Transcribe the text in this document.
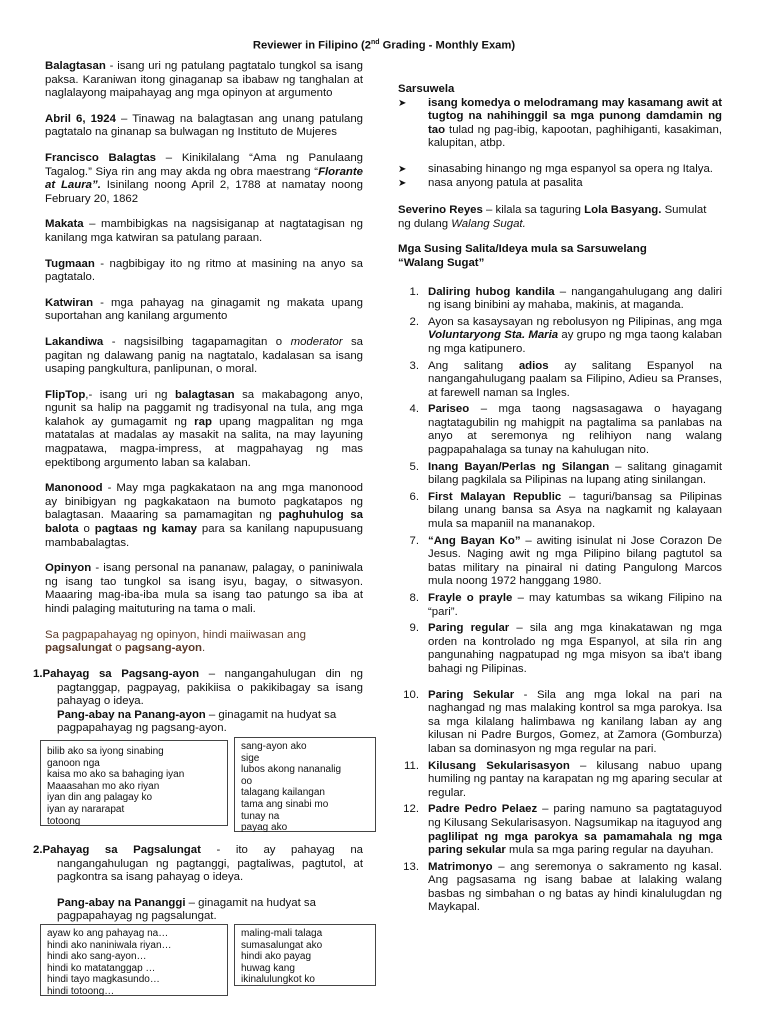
Reviewer in Filipino (2nd Grading - Monthly Exam)

Balagtasan - isang uri ng patulang pagtatalo tungkol sa isang paksa. Karaniwan itong ginaganap sa ibabaw ng tanghalan at naglalayong maipahayag ang mga opinyon at argumento

Abril 6, 1924 – Tinawag na balagtasan ang unang patulang pagtatalo na ginanap sa bulwagan ng Instituto de Mujeres

Francisco Balagtas – Kinikilalang “Ama ng Panulaang Tagalog.” Siya rin ang may akda ng obra maestrang “Florante at Laura”. Isinilang noong April 2, 1788 at namatay noong February 20, 1862

Makata – mambibigkas na nagsisiganap at nagtatagisan ng kanilang mga katwiran sa patulang paraan.

Tugmaan - nagbibigay ito ng ritmo at masining na anyo sa pagtatalo.

Katwiran - mga pahayag na ginagamit ng makata upang suportahan ang kanilang argumento

Lakandiwa - nagsisilbing tagapamagitan o moderator sa pagitan ng dalawang panig na nagtatalo, kadalasan sa isang usaping pangkultura, panlipunan, o moral.

FlipTop,- isang uri ng balagtasan sa makabagong anyo, ngunit sa halip na paggamit ng tradisyonal na tula, ang mga kalahok ay gumagamit ng rap upang magpalitan ng mga matatalas at madalas ay masakit na salita, na may layuning magpatawa, magpa-impress, at magpahayag ng mas epektibong argumento laban sa kalaban.

Manonood - May mga pagkakataon na ang mga manonood ay binibigyan ng pagkakataon na bumoto pagkatapos ng balagtasan. Maaaring sa pamamagitan ng paghuhulog sa balota o pagtaas ng kamay para sa kanilang napupusuang mambabalagtas.

Opinyon - isang personal na pananaw, palagay, o paniniwala ng isang tao tungkol sa isang isyu, bagay, o sitwasyon. Maaaring mag-iba-iba mula sa isang tao patungo sa iba at hindi palaging maituturing na tama o mali.

Sa pagpapahayag ng opinyon, hindi maiiwasan ang pagsalungat o pagsang-ayon.

1.Pahayag sa Pagsang-ayon – nangangahulugan din ng pagtanggap, pagpayag, pakikiisa o pakikibagay sa isang pahayag o ideya.

Pang-abay na Panang-ayon – ginagamit na hudyat sa pagpapahayag ng pagsang-ayon.

bilib ako sa iyong sinabing
ganoon nga
kaisa mo ako sa bahaging iyan
Maaasahan mo ako riyan
iyan din ang palagay ko
iyan ay nararapat
totoong
sang-ayon ako
sige
lubos akong nananalig
oo
talagang kailangan
tama ang sinabi mo
tunay na
payag ako

2.Pahayag sa Pagsalungat - ito ay pahayag na nangangahulugan ng pagtanggi, pagtaliwas, pagtutol, at pagkontra sa isang pahayag o ideya.

Pang-abay na Pananggi – ginagamit na hudyat sa pagpapahayag ng pagsalungat.

ayaw ko ang pahayag na…
hindi ako naniniwala riyan…
hindi ako sang-ayon…
hindi ko matatanggap …
hindi tayo magkasundo…
hindi totoong…
maling-mali talaga
sumasalungat ako
hindi ako payag
huwag kang
ikinalulungkot ko

Sarsuwela

➤ isang komedya o melodramang may kasamang awit at tugtog na nahihinggil sa mga punong damdamin ng tao tulad ng pag-ibig, kapootan, paghihiganti, kasakiman, kalupitan, atbp.
➤ sinasabing hinango ng mga espanyol sa opera ng Italya.
➤ nasa anyong patula at pasalita

Severino Reyes – kilala sa taguring Lola Basyang. Sumulat ng dulang Walang Sugat.

Mga Susing Salita/Ideya mula sa Sarsuwelang
“Walang Sugat”

1. Daliring hubog kandila – nangangahulugang ang daliri ng isang binibini ay mahaba, makinis, at maganda.
2. Ayon sa kasaysayan ng rebolusyon ng Pilipinas, ang mga Voluntaryong Sta. Maria ay grupo ng mga taong kalaban ng mga katipunero.
3. Ang salitang adios ay salitang Espanyol na nangangahulugang paalam sa Filipino, Adieu sa Pranses, at farewell naman sa Ingles.
4. Pariseo – mga taong nagsasagawa o hayagang nagtatagubilin ng mahigpit na pagtalima sa panlabas na anyo at seremonya ng relihiyon nang walang pagpapahalaga sa tunay na kahulugan nito.
5. Inang Bayan/Perlas ng Silangan – salitang ginagamit bilang pagkilala sa Pilipinas na lupang ating sinilangan.
6. First Malayan Republic – taguri/bansag sa Pilipinas bilang unang bansa sa Asya na nagkamit ng kalayaan mula sa mapaniil na mananakop.
7. “Ang Bayan Ko” – awiting isinulat ni Jose Corazon De Jesus. Naging awit ng mga Pilipino bilang pagtutol sa batas military na pinairal ni dating Pangulong Marcos mula noong 1972 hanggang 1980.
8. Frayle o prayle – may katumbas sa wikang Filipino na “pari”.
9. Paring regular – sila ang mga kinakatawan ng mga orden na kontrolado ng mga Espanyol, at sila rin ang pangunahing nagpatupad ng mga misyon sa iba't ibang bahagi ng Pilipinas.
10. Paring Sekular - Sila ang mga lokal na pari na naghangad ng mas malaking kontrol sa mga parokya. Isa sa mga kilalang halimbawa ng kanilang laban ay ang kilusan ni Padre Burgos, Gomez, at Zamora (Gomburza) laban sa dominasyon ng mga regular na pari.
11. Kilusang Sekularisasyon – kilusang nabuo upang humiling ng pantay na karapatan ng mg aparing secular at regular.
12. Padre Pedro Pelaez – paring namuno sa pagtataguyod ng Kilusang Sekularisasyon. Nagsumikap na itaguyod ang paglilipat ng mga parokya sa pamamahala ng mga paring sekular mula sa mga paring regular na dayuhan.
13. Matrimonyo – ang seremonya o sakramento ng kasal. Ang pagsasama ng isang babae at lalaking walang basbas ng simbahan o ng batas ay hindi kinalulugdan ng Maykapal.
